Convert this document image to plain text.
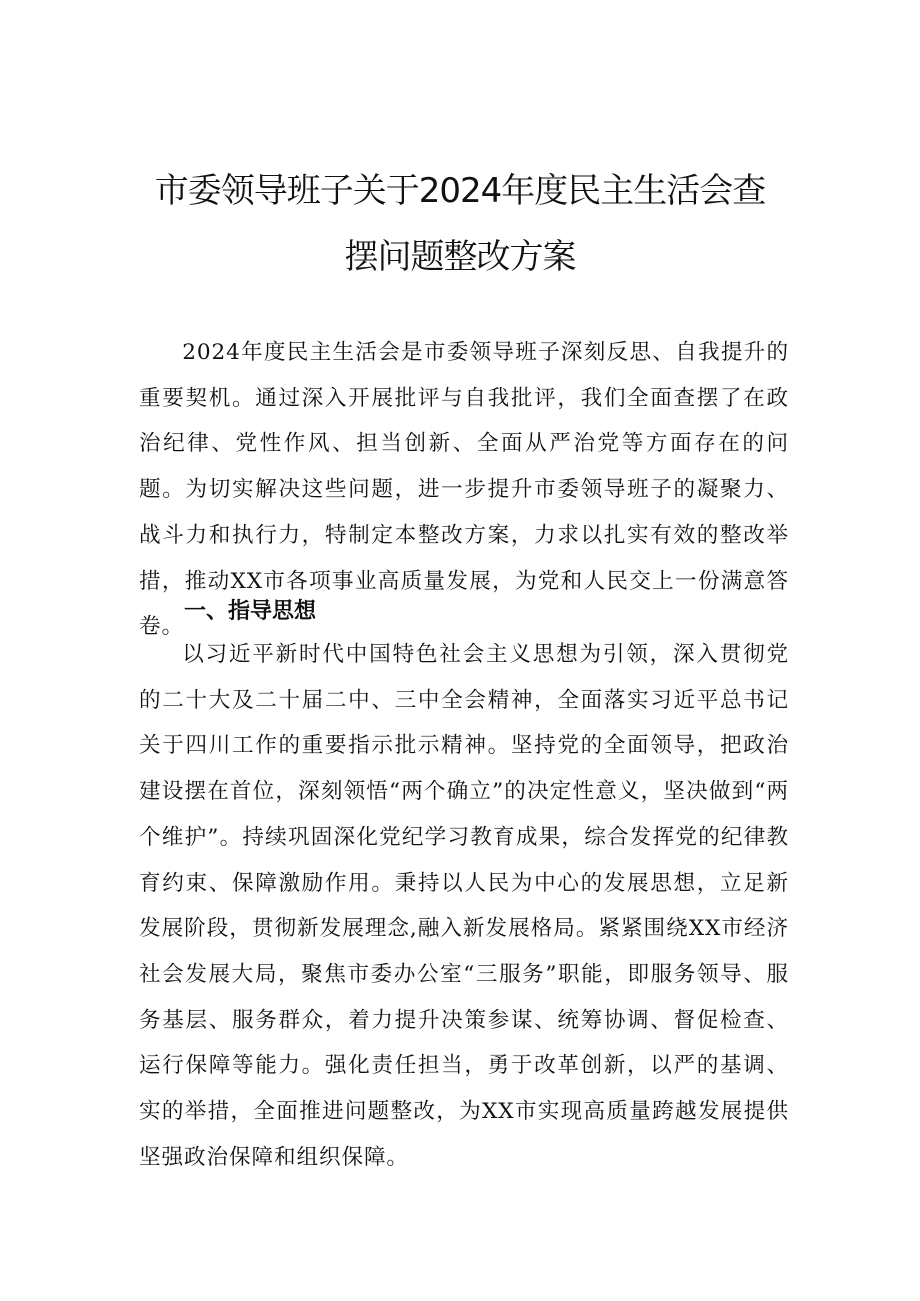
市委领导班子关于2024年度民主生活会查
摆问题整改方案

2024年度民主生活会是市委领导班子深刻反思、自我提升的重要契机。通过深入开展批评与自我批评，我们全面查摆了在政治纪律、党性作风、担当创新、全面从严治党等方面存在的问题。为切实解决这些问题，进一步提升市委领导班子的凝聚力、战斗力和执行力，特制定本整改方案，力求以扎实有效的整改举措，推动XX市各项事业高质量发展，为党和人民交上一份满意答卷。

一、指导思想

以习近平新时代中国特色社会主义思想为引领，深入贯彻党的二十大及二十届二中、三中全会精神，全面落实习近平总书记关于四川工作的重要指示批示精神。坚持党的全面领导，把政治建设摆在首位，深刻领悟“两个确立”的决定性意义，坚决做到“两个维护”。持续巩固深化党纪学习教育成果，综合发挥党的纪律教育约束、保障激励作用。秉持以人民为中心的发展思想，立足新发展阶段，贯彻新发展理念,融入新发展格局。紧紧围绕XX市经济社会发展大局，聚焦市委办公室“三服务”职能，即服务领导、服务基层、服务群众，着力提升决策参谋、统筹协调、督促检查、运行保障等能力。强化责任担当，勇于改革创新，以严的基调、实的举措，全面推进问题整改，为XX市实现高质量跨越发展提供坚强政治保障和组织保障。
